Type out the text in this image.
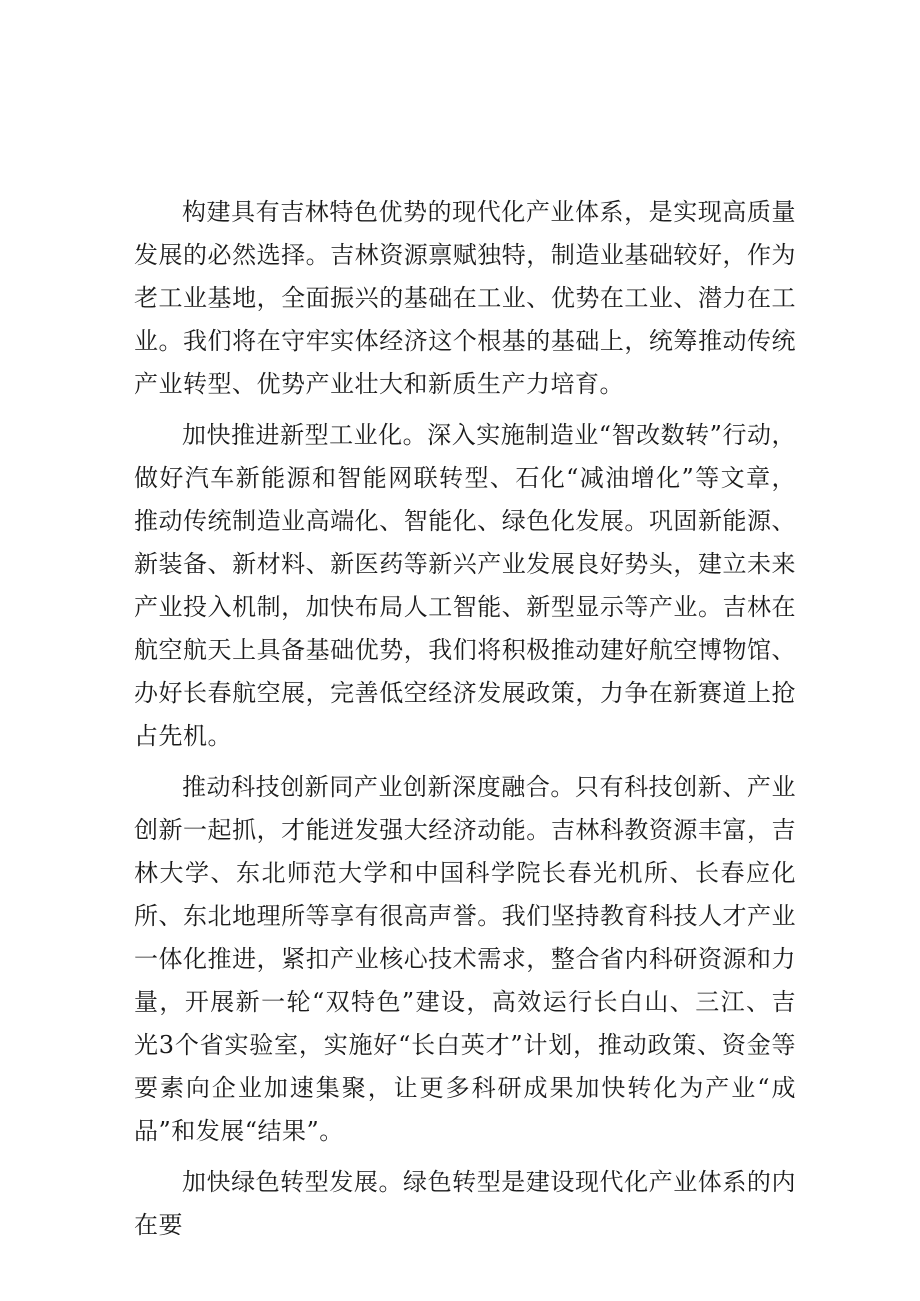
构建具有吉林特色优势的现代化产业体系，是实现高质量发展的必然选择。吉林资源禀赋独特，制造业基础较好，作为老工业基地，全面振兴的基础在工业、优势在工业、潜力在工业。我们将在守牢实体经济这个根基的基础上，统筹推动传统产业转型、优势产业壮大和新质生产力培育。

加快推进新型工业化。深入实施制造业“智改数转”行动，做好汽车新能源和智能网联转型、石化“减油增化”等文章，推动传统制造业高端化、智能化、绿色化发展。巩固新能源、新装备、新材料、新医药等新兴产业发展良好势头，建立未来产业投入机制，加快布局人工智能、新型显示等产业。吉林在航空航天上具备基础优势，我们将积极推动建好航空博物馆、办好长春航空展，完善低空经济发展政策，力争在新赛道上抢占先机。

推动科技创新同产业创新深度融合。只有科技创新、产业创新一起抓，才能迸发强大经济动能。吉林科教资源丰富，吉林大学、东北师范大学和中国科学院长春光机所、长春应化所、东北地理所等享有很高声誉。我们坚持教育科技人才产业一体化推进，紧扣产业核心技术需求，整合省内科研资源和力量，开展新一轮“双特色”建设，高效运行长白山、三江、吉光3个省实验室，实施好“长白英才”计划，推动政策、资金等要素向企业加速集聚，让更多科研成果加快转化为产业“成品”和发展“结果”。

加快绿色转型发展。绿色转型是建设现代化产业体系的内在要
